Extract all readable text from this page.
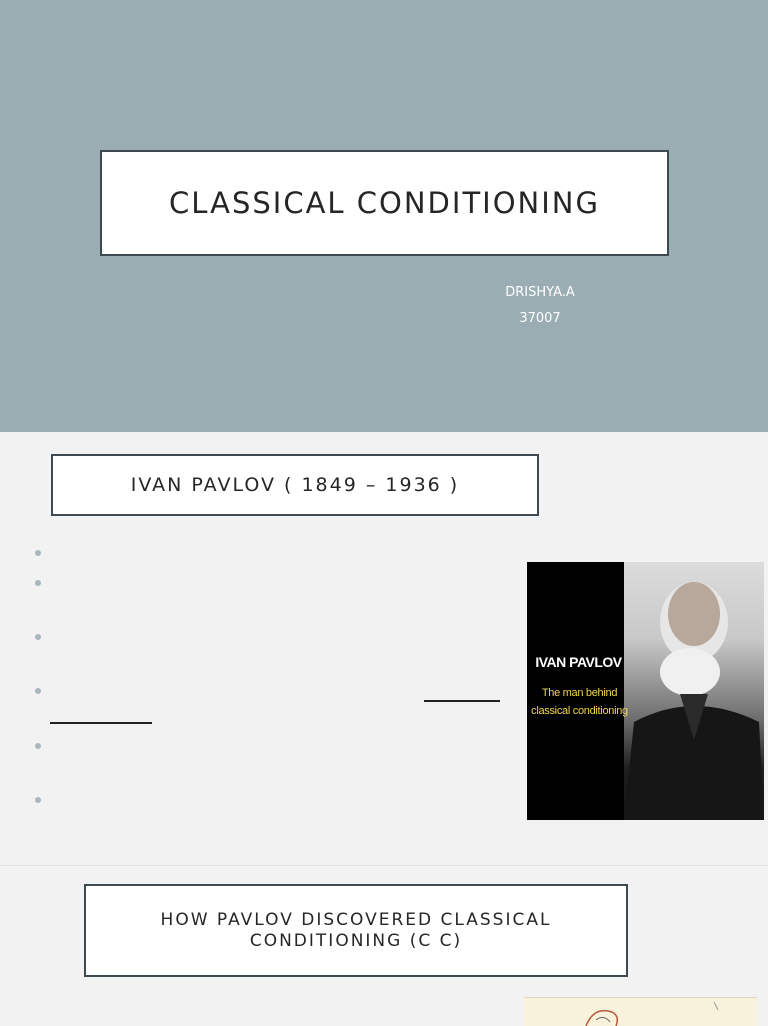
CLASSICAL CONDITIONING
DRISHYA.A
37007
IVAN PAVLOV ( 1849 – 1936 )
IVAN PAVLOV
The man behind
classical conditioning
HOW PAVLOV DISCOVERED CLASSICAL
CONDITIONING (C C)
